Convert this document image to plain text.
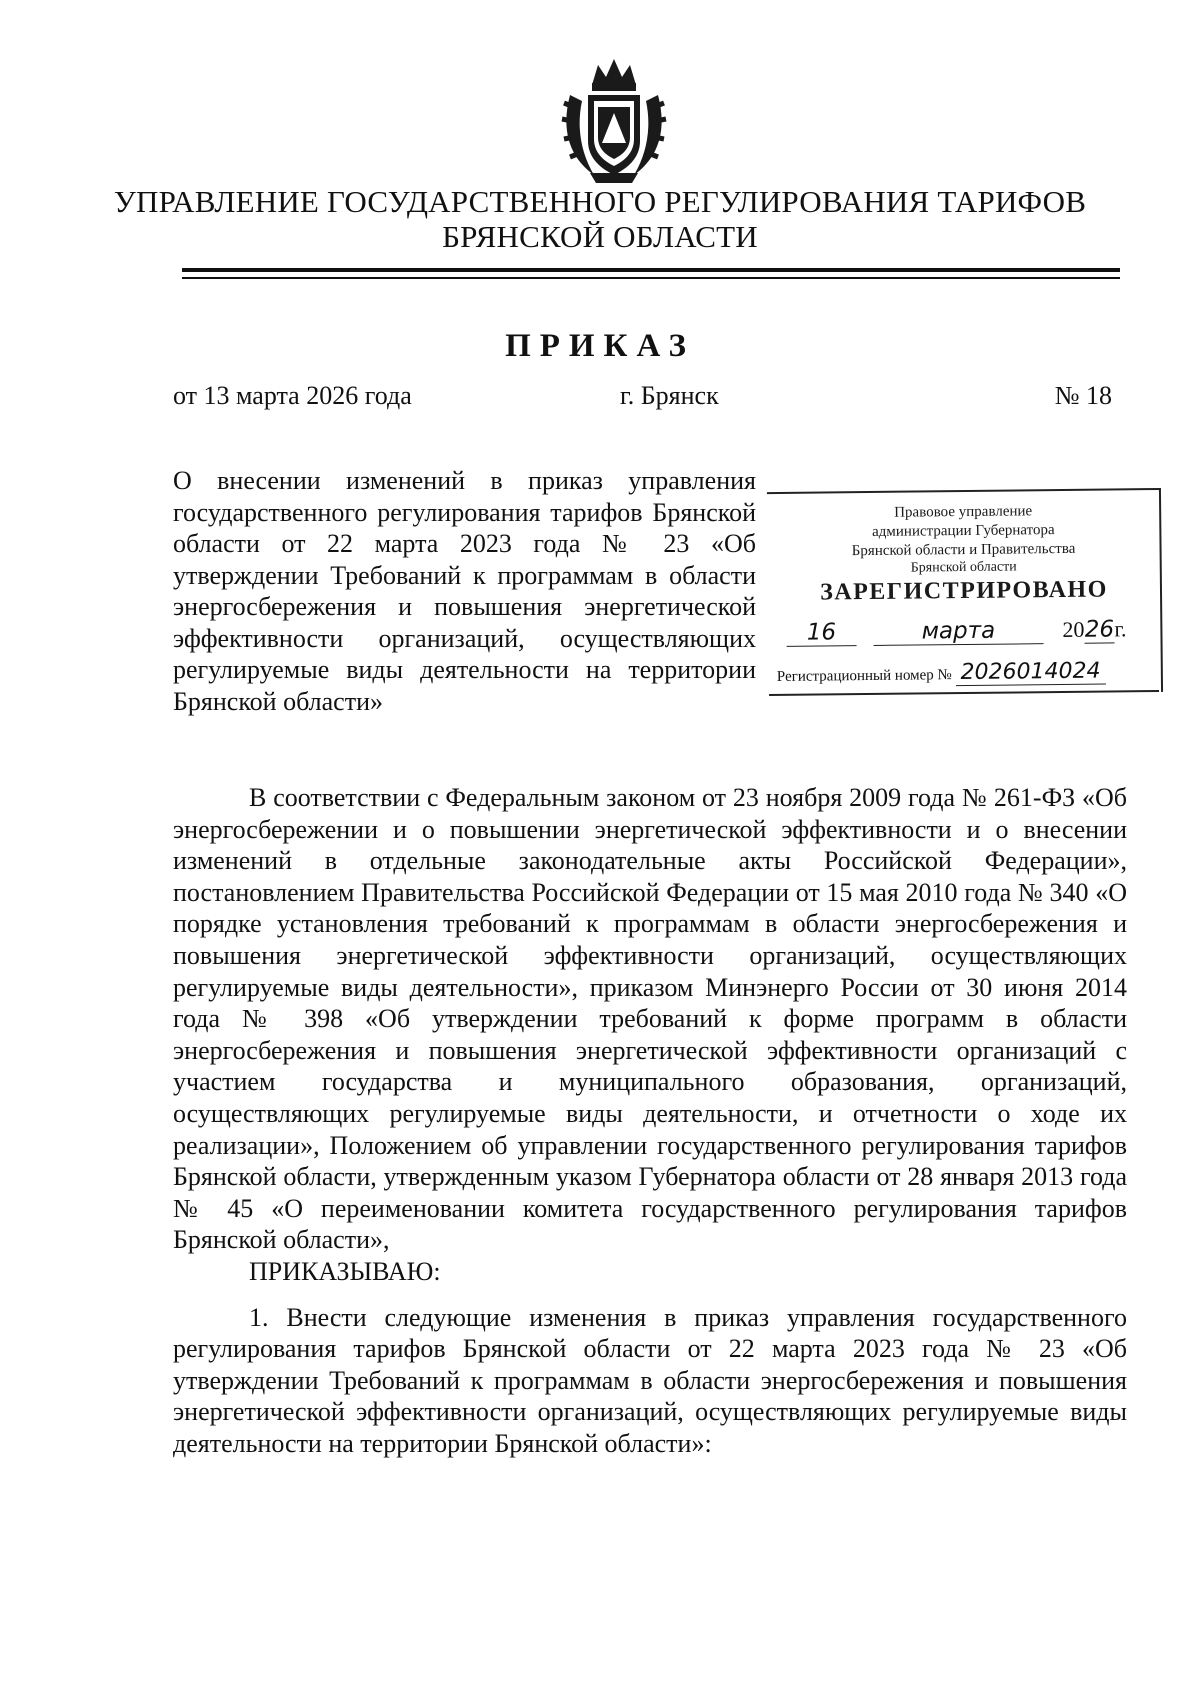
УПРАВЛЕНИЕ ГОСУДАРСТВЕННОГО РЕГУЛИРОВАНИЯ ТАРИФОВ
БРЯНСКОЙ ОБЛАСТИ
ПРИКАЗ
от 13 марта 2026 года	г. Брянск	№ 18
О внесении изменений в приказ управления государственного регулирования тарифов Брянской области от 22 марта 2023 года № 23 «Об утверждении Требований к программам в области энергосбережения и повышения энергетической эффективности организаций, осуществляющих регулируемые виды деятельности на территории Брянской области»
Правовое управление
администрации Губернатора
Брянской области и Правительства
Брянской области
ЗАРЕГИСТРИРОВАНО
16	марта	2026г.
Регистрационный номер № 2026014024

В соответствии с Федеральным законом от 23 ноября 2009 года № 261-ФЗ «Об энергосбережении и о повышении энергетической эффективности и о внесении изменений в отдельные законодательные акты Российской Федерации», постановлением Правительства Российской Федерации от 15 мая 2010 года № 340 «О порядке установления требований к программам в области энергосбережения и повышения энергетической эффективности организаций, осуществляющих регулируемые виды деятельности», приказом Минэнерго России от 30 июня 2014 года № 398 «Об утверждении требований к форме программ в области энергосбережения и повышения энергетической эффективности организаций с участием государства и муниципального образования, организаций, осуществляющих регулируемые виды деятельности, и отчетности о ходе их реализации», Положением об управлении государственного регулирования тарифов Брянской области, утвержденным указом Губернатора области от 28 января 2013 года № 45 «О переименовании комитета государственного регулирования тарифов Брянской области»,

ПРИКАЗЫВАЮ:

1. Внести следующие изменения в приказ управления государственного регулирования тарифов Брянской области от 22 марта 2023 года № 23 «Об утверждении Требований к программам в области энергосбережения и повышения энергетической эффективности организаций, осуществляющих регулируемые виды деятельности на территории Брянской области»:
